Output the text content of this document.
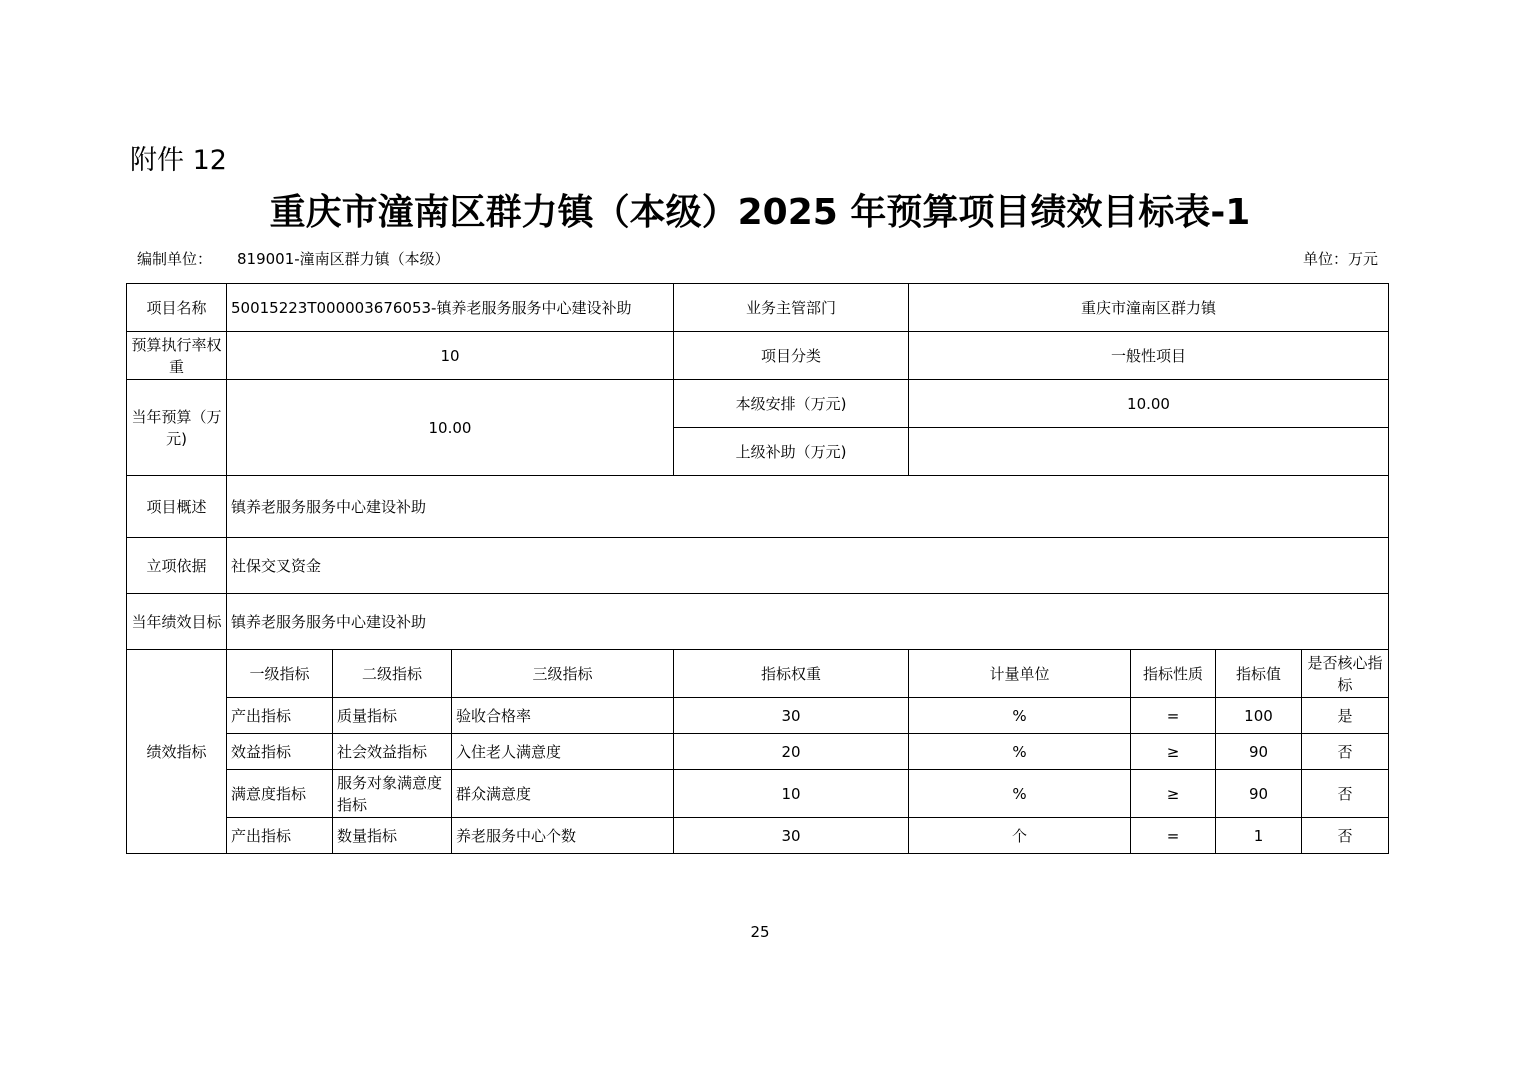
附件 12
重庆市潼南区群力镇（本级）2025 年预算项目绩效目标表-1
编制单位： 819001-潼南区群力镇（本级）	单位：万元
项目名称	50015223T000003676053-镇养老服务服务中心建设补助			业务主管部门	重庆市潼南区群力镇			
预算执行率权重	10			项目分类	一般性项目			
当年预算（万元)	10.00			本级安排（万元)	10.00			
				上级补助（万元)				
项目概述	镇养老服务服务中心建设补助							
立项依据	社保交叉资金							
当年绩效目标	镇养老服务服务中心建设补助							
绩效指标	一级指标	二级指标	三级指标	指标权重	计量单位	指标性质	指标值	是否核心指标
	产出指标	质量指标	验收合格率	30	%	=	100	是
	效益指标	社会效益指标	入住老人满意度	20	%	≥	90	否
	满意度指标	服务对象满意度指标	群众满意度	10	%	≥	90	否
	产出指标	数量指标	养老服务中心个数	30	个	=	1	否
25
